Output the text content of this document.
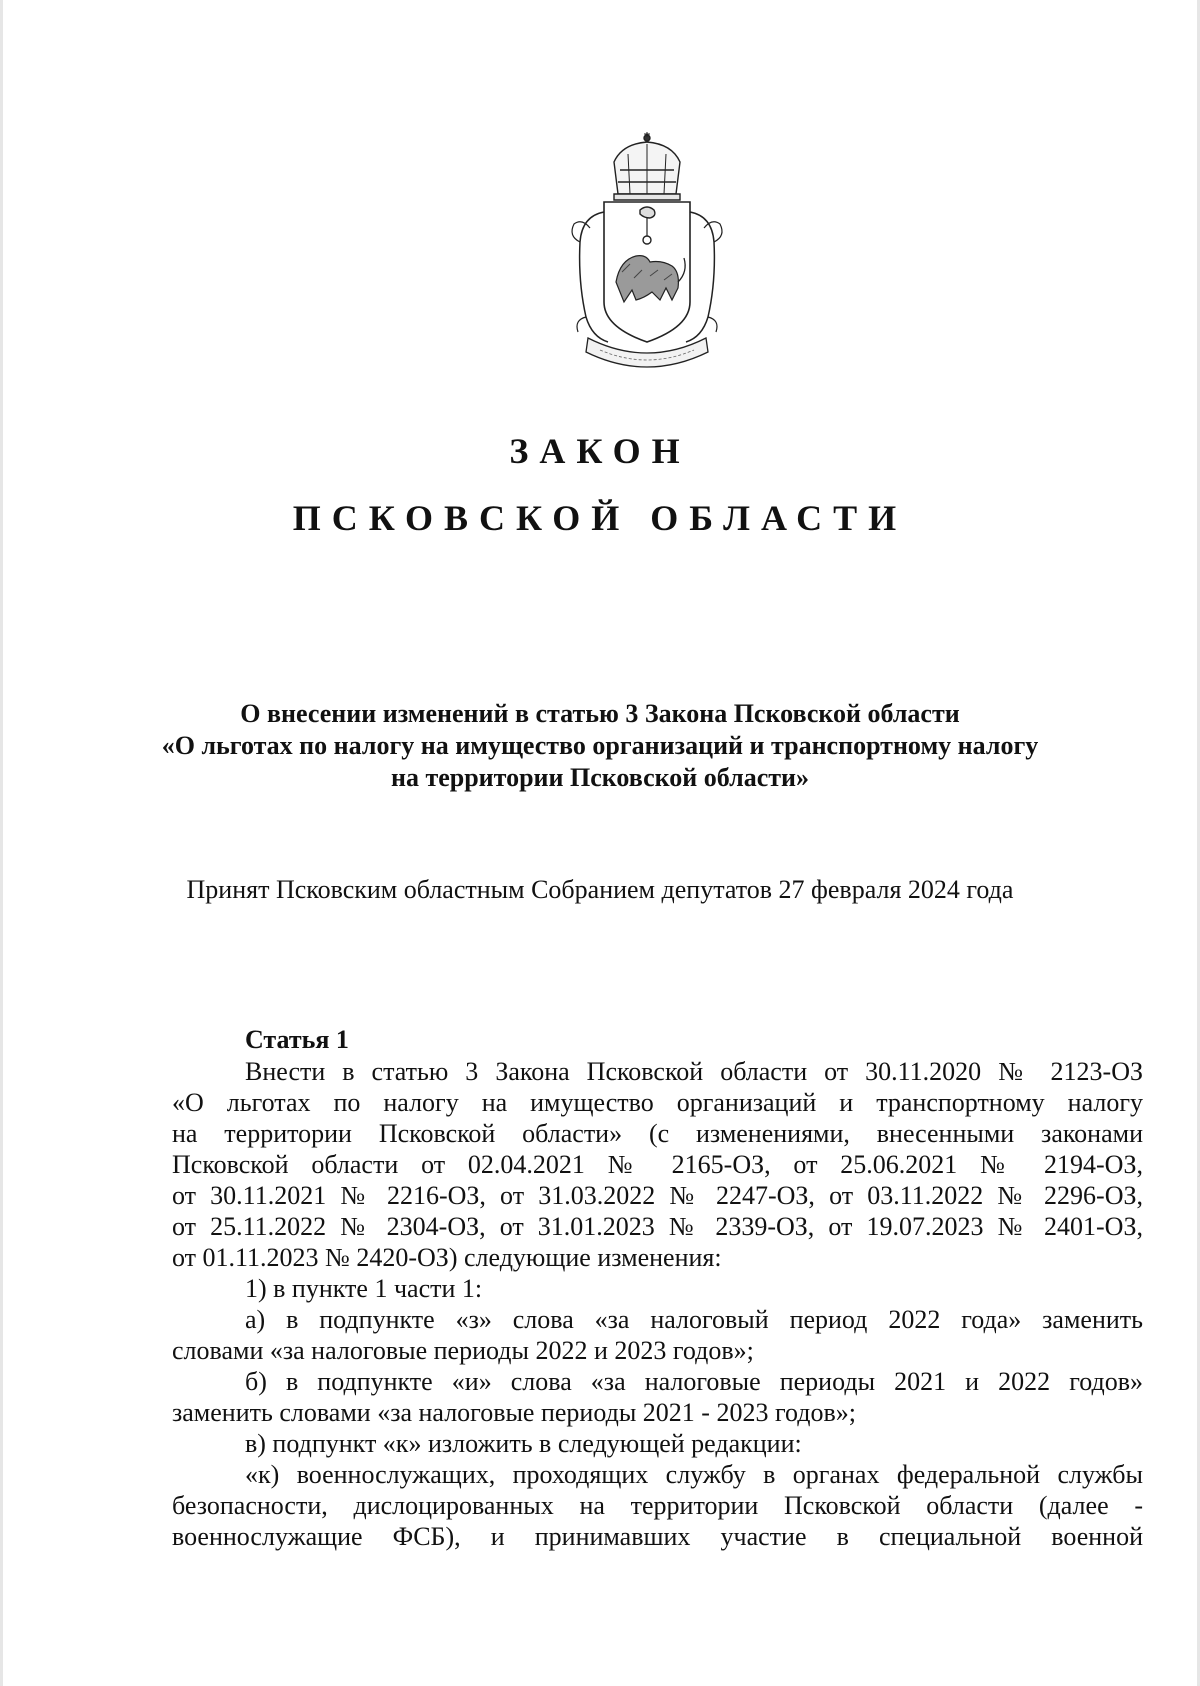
ЗАКОН
ПСКОВСКОЙ ОБЛАСТИ
О внесении изменений в статью 3 Закона Псковской области
«О льготах по налогу на имущество организаций и транспортному налогу
на территории Псковской области»
Принят Псковским областным Собранием депутатов 27 февраля 2024 года
Статья 1
Внести в статью 3 Закона Псковской области от 30.11.2020 № 2123-ОЗ
«О льготах по налогу на имущество организаций и транспортному налогу
на территории Псковской области» (с изменениями, внесенными законами
Псковской области от 02.04.2021 № 2165-ОЗ, от 25.06.2021 № 2194-ОЗ,
от 30.11.2021 № 2216-ОЗ, от 31.03.2022 № 2247-ОЗ, от 03.11.2022 № 2296-ОЗ,
от 25.11.2022 № 2304-ОЗ, от 31.01.2023 № 2339-ОЗ, от 19.07.2023 № 2401-ОЗ,
от 01.11.2023 № 2420-ОЗ) следующие изменения:
1) в пункте 1 части 1:
а) в подпункте «з» слова «за налоговый период 2022 года» заменить
словами «за налоговые периоды 2022 и 2023 годов»;
б) в подпункте «и» слова «за налоговые периоды 2021 и 2022 годов»
заменить словами «за налоговые периоды 2021 - 2023 годов»;
в) подпункт «к» изложить в следующей редакции:
«к) военнослужащих, проходящих службу в органах федеральной службы
безопасности, дислоцированных на территории Псковской области (далее -
военнослужащие ФСБ), и принимавших участие в специальной военной
